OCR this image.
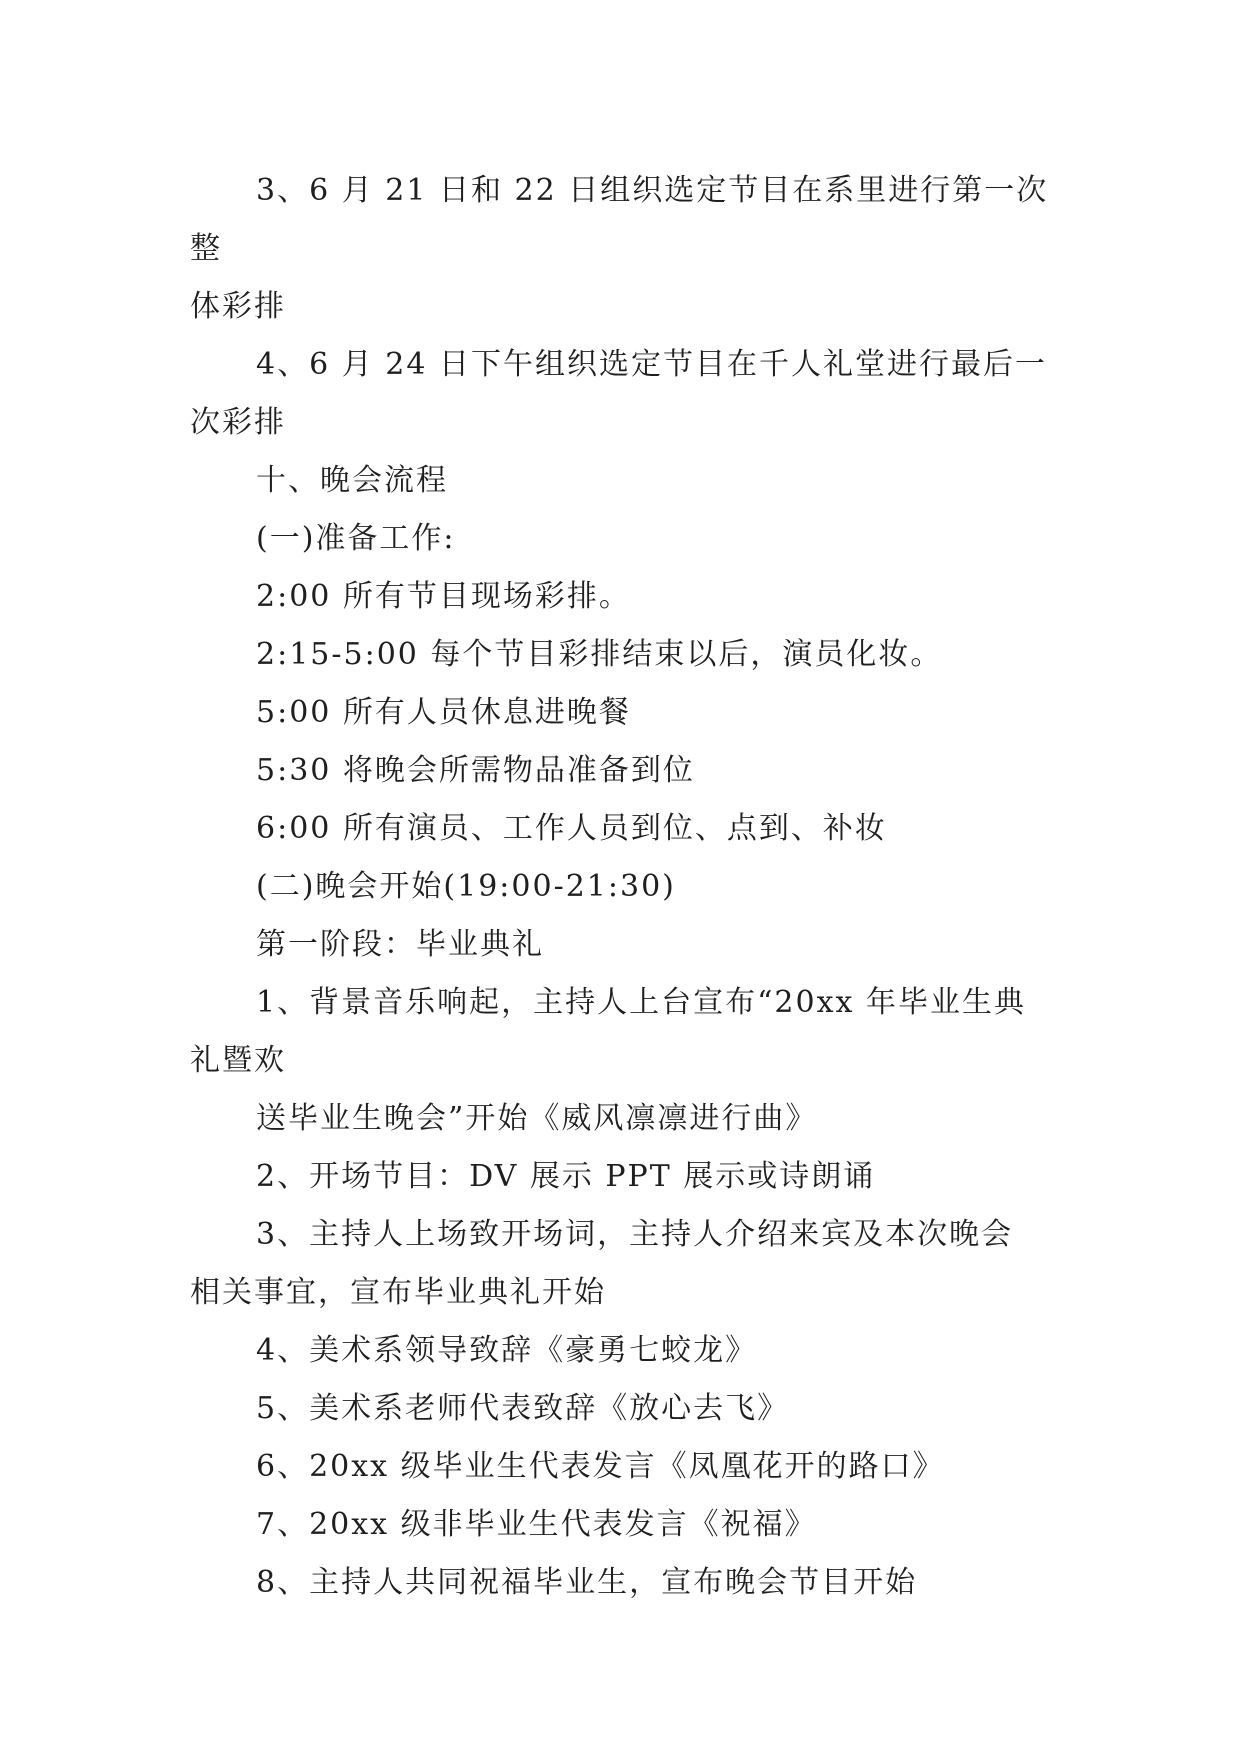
3、6 月 21 日和 22 日组织选定节目在系里进行第一次整
体彩排

4、6 月 24 日下午组织选定节目在千人礼堂进行最后一
次彩排

十、晚会流程

(一)准备工作:

2:00 所有节目现场彩排。

2:15-5:00 每个节目彩排结束以后，演员化妆。

5:00 所有人员休息进晚餐

5:30 将晚会所需物品准备到位

6:00 所有演员、工作人员到位、点到、补妆

(二)晚会开始(19:00-21:30)

第一阶段：毕业典礼

1、背景音乐响起，主持人上台宣布“20xx 年毕业生典
礼暨欢

送毕业生晚会”开始《威风凛凛进行曲》

2、开场节目：DV 展示 PPT 展示或诗朗诵

3、主持人上场致开场词，主持人介绍来宾及本次晚会
相关事宜，宣布毕业典礼开始

4、美术系领导致辞《豪勇七蛟龙》

5、美术系老师代表致辞《放心去飞》

6、20xx 级毕业生代表发言《凤凰花开的路口》

7、20xx 级非毕业生代表发言《祝福》

8、主持人共同祝福毕业生，宣布晚会节目开始
